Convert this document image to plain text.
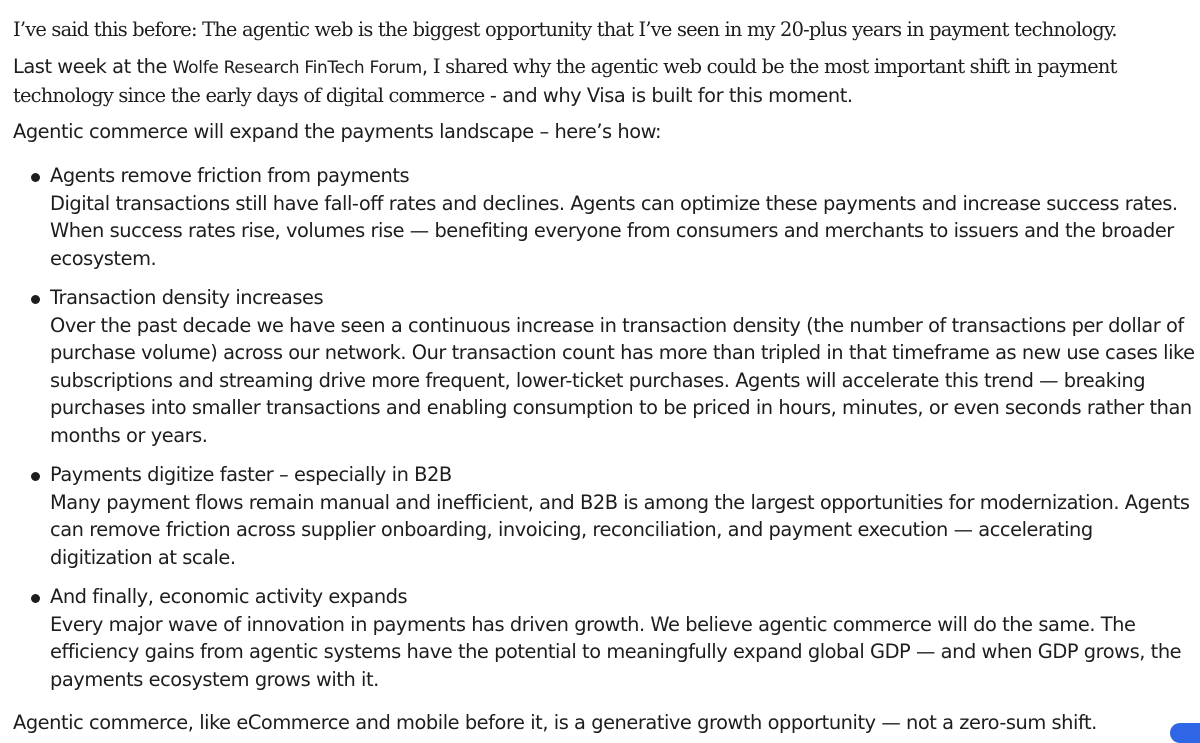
I’ve said this before: The agentic web is the biggest opportunity that I’ve seen in my 20-plus years in payment technology.

Last week at the Wolfe Research FinTech Forum, I shared why the agentic web could be the most important shift in payment technology since the early days of digital commerce - and why Visa is built for this moment.

Agentic commerce will expand the payments landscape – here’s how:

Agents remove friction from payments
Digital transactions still have fall-off rates and declines. Agents can optimize these payments and increase success rates. When success rates rise, volumes rise — benefiting everyone from consumers and merchants to issuers and the broader ecosystem.
Transaction density increases
Over the past decade we have seen a continuous increase in transaction density (the number of transactions per dollar of purchase volume) across our network. Our transaction count has more than tripled in that timeframe as new use cases like subscriptions and streaming drive more frequent, lower-ticket purchases. Agents will accelerate this trend — breaking purchases into smaller transactions and enabling consumption to be priced in hours, minutes, or even seconds rather than months or years.
Payments digitize faster – especially in B2B
Many payment flows remain manual and inefficient, and B2B is among the largest opportunities for modernization. Agents can remove friction across supplier onboarding, invoicing, reconciliation, and payment execution — accelerating digitization at scale.
And finally, economic activity expands
Every major wave of innovation in payments has driven growth. We believe agentic commerce will do the same. The efficiency gains from agentic systems have the potential to meaningfully expand global GDP — and when GDP grows, the payments ecosystem grows with it.

Agentic commerce, like eCommerce and mobile before it, is a generative growth opportunity — not a zero-sum shift.
